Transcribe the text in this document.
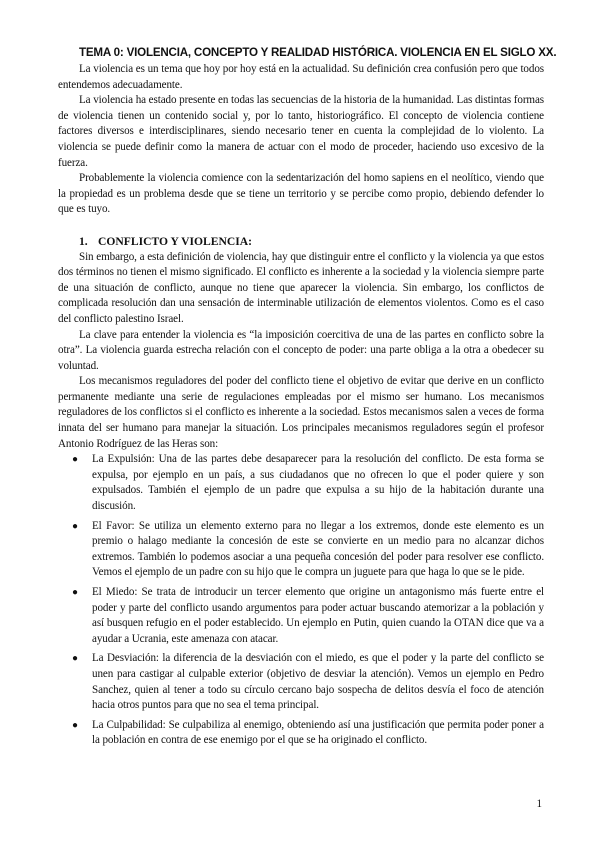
TEMA 0: VIOLENCIA, CONCEPTO Y REALIDAD HISTÓRICA. VIOLENCIA EN EL SIGLO XX.

La violencia es un tema que hoy por hoy está en la actualidad. Su definición crea confusión pero que todos entendemos adecuadamente.

La violencia ha estado presente en todas las secuencias de la historia de la humanidad. Las distintas formas de violencia tienen un contenido social y, por lo tanto, historiográfico. El concepto de violencia contiene factores diversos e interdisciplinares, siendo necesario tener en cuenta la complejidad de lo violento. La violencia se puede definir como la manera de actuar con el modo de proceder, haciendo uso excesivo de la fuerza.

Probablemente la violencia comience con la sedentarización del homo sapiens en el neolítico, viendo que la propiedad es un problema desde que se tiene un territorio y se percibe como propio, debiendo defender lo que es tuyo.

1. CONFLICTO Y VIOLENCIA:

Sin embargo, a esta definición de violencia, hay que distinguir entre el conflicto y la violencia ya que estos dos términos no tienen el mismo significado. El conflicto es inherente a la sociedad y la violencia siempre parte de una situación de conflicto, aunque no tiene que aparecer la violencia. Sin embargo, los conflictos de complicada resolución dan una sensación de interminable utilización de elementos violentos. Como es el caso del conflicto palestino Israel.

La clave para entender la violencia es “la imposición coercitiva de una de las partes en conflicto sobre la otra”. La violencia guarda estrecha relación con el concepto de poder: una parte obliga a la otra a obedecer su voluntad.

Los mecanismos reguladores del poder del conflicto tiene el objetivo de evitar que derive en un conflicto permanente mediante una serie de regulaciones empleadas por el mismo ser humano. Los mecanismos reguladores de los conflictos si el conflicto es inherente a la sociedad. Estos mecanismos salen a veces de forma innata del ser humano para manejar la situación. Los principales mecanismos reguladores según el profesor Antonio Rodríguez de las Heras son:

● La Expulsión: Una de las partes debe desaparecer para la resolución del conflicto. De esta forma se expulsa, por ejemplo en un país, a sus ciudadanos que no ofrecen lo que el poder quiere y son expulsados. También el ejemplo de un padre que expulsa a su hijo de la habitación durante una discusión.
● El Favor: Se utiliza un elemento externo para no llegar a los extremos, donde este elemento es un premio o halago mediante la concesión de este se convierte en un medio para no alcanzar dichos extremos. También lo podemos asociar a una pequeña concesión del poder para resolver ese conflicto. Vemos el ejemplo de un padre con su hijo que le compra un juguete para que haga lo que se le pide.
● El Miedo: Se trata de introducir un tercer elemento que origine un antagonismo más fuerte entre el poder y parte del conflicto usando argumentos para poder actuar buscando atemorizar a la población y así busquen refugio en el poder establecido. Un ejemplo en Putin, quien cuando la OTAN dice que va a ayudar a Ucrania, este amenaza con atacar.
● La Desviación: la diferencia de la desviación con el miedo, es que el poder y la parte del conflicto se unen para castigar al culpable exterior (objetivo de desviar la atención). Vemos un ejemplo en Pedro Sanchez, quien al tener a todo su círculo cercano bajo sospecha de delitos desvía el foco de atención hacia otros puntos para que no sea el tema principal.
● La Culpabilidad: Se culpabiliza al enemigo, obteniendo así una justificación que permita poder poner a la población en contra de ese enemigo por el que se ha originado el conflicto.
1
